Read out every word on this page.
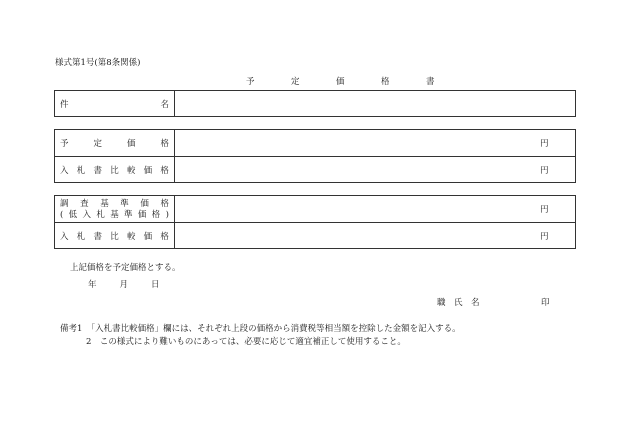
様式第1号(第8条関係)
予　定　価　格　書
件	名
予	定	価	格	円
入 札 書 比 較 価 格	円
調 査 基 準 価 格
( 低 入 札 基 準 価 格 )	円
入 札 書 比 較 価 格	円
上記価格を予定価格とする。
年　　月　　日
職　氏　名	印
備考1　「入札書比較価格」欄には、それぞれ上段の価格から消費税等相当額を控除した金額を記入する。
2　この様式により難いものにあっては、必要に応じて適宜補正して使用すること。
